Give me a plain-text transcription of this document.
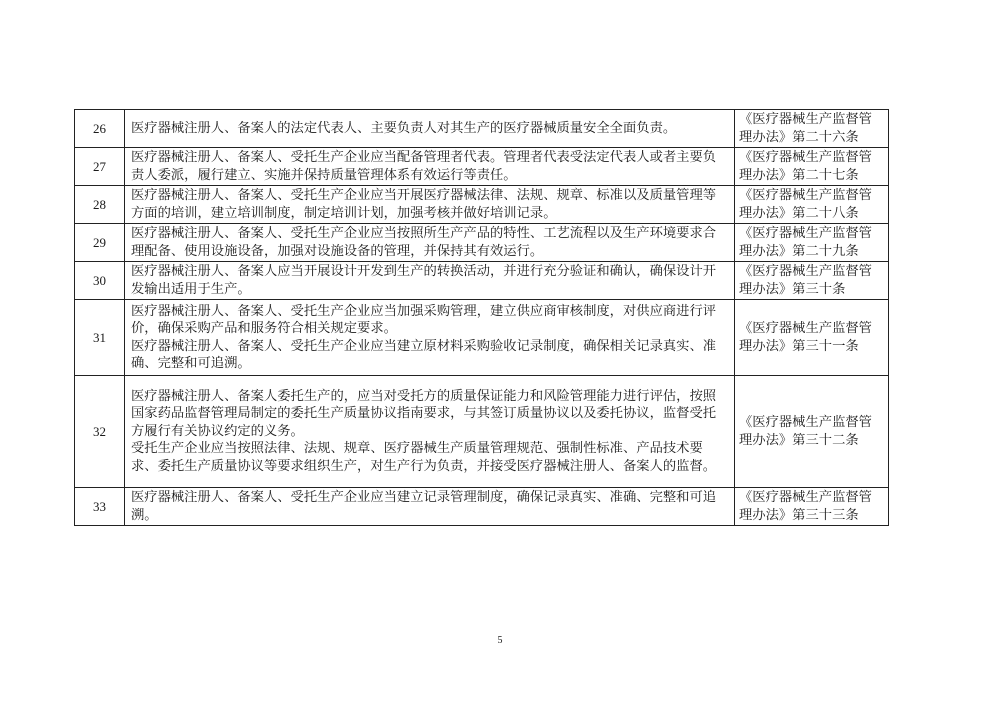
26	医疗器械注册人、备案人的法定代表人、主要负责人对其生产的医疗器械质量安全全面负责。	《医疗器械生产监督管理办法》第二十六条
27	医疗器械注册人、备案人、受托生产企业应当配备管理者代表。管理者代表受法定代表人或者主要负责人委派，履行建立、实施并保持质量管理体系有效运行等责任。	《医疗器械生产监督管理办法》第二十七条
28	医疗器械注册人、备案人、受托生产企业应当开展医疗器械法律、法规、规章、标准以及质量管理等方面的培训，建立培训制度，制定培训计划，加强考核并做好培训记录。	《医疗器械生产监督管理办法》第二十八条
29	医疗器械注册人、备案人、受托生产企业应当按照所生产产品的特性、工艺流程以及生产环境要求合理配备、使用设施设备，加强对设施设备的管理，并保持其有效运行。	《医疗器械生产监督管理办法》第二十九条
30	医疗器械注册人、备案人应当开展设计开发到生产的转换活动，并进行充分验证和确认，确保设计开发输出适用于生产。	《医疗器械生产监督管理办法》第三十条
31	医疗器械注册人、备案人、受托生产企业应当加强采购管理，建立供应商审核制度，对供应商进行评价，确保采购产品和服务符合相关规定要求。
医疗器械注册人、备案人、受托生产企业应当建立原材料采购验收记录制度，确保相关记录真实、准确、完整和可追溯。	《医疗器械生产监督管理办法》第三十一条
32	医疗器械注册人、备案人委托生产的，应当对受托方的质量保证能力和风险管理能力进行评估，按照国家药品监督管理局制定的委托生产质量协议指南要求，与其签订质量协议以及委托协议，监督受托方履行有关协议约定的义务。
受托生产企业应当按照法律、法规、规章、医疗器械生产质量管理规范、强制性标准、产品技术要求、委托生产质量协议等要求组织生产，对生产行为负责，并接受医疗器械注册人、备案人的监督。	《医疗器械生产监督管理办法》第三十二条
33	医疗器械注册人、备案人、受托生产企业应当建立记录管理制度，确保记录真实、准确、完整和可追溯。	《医疗器械生产监督管理办法》第三十三条
5
